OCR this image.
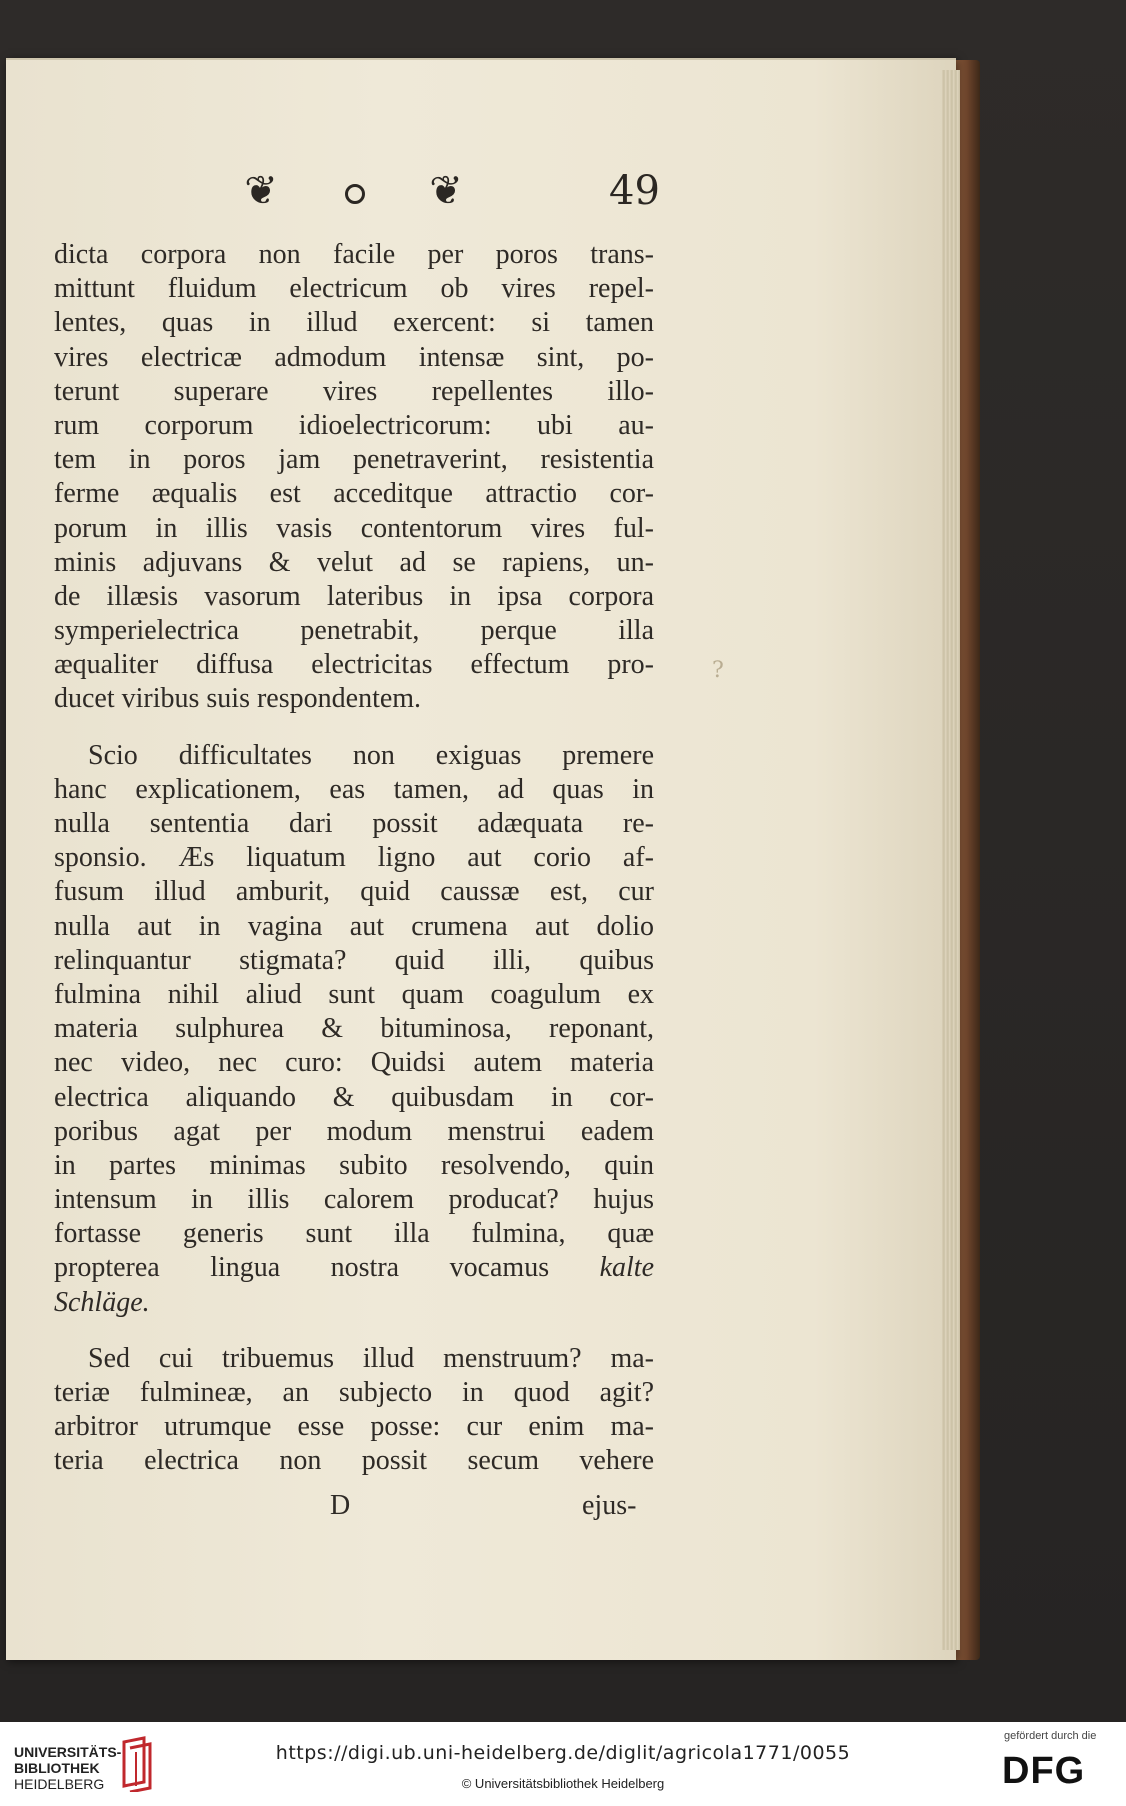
❦	❦	49
dicta corpora non facile per poros trans-
mittunt fluidum electricum ob vires repel-
lentes, quas in illud exercent: si tamen
vires electricæ admodum intensæ sint, po-
terunt superare vires repellentes illo-
rum corporum idioelectricorum: ubi au-
tem in poros jam penetraverint, resistentia
ferme æqualis est acceditque attractio cor-
porum in illis vasis contentorum vires ful-
minis adjuvans & velut ad se rapiens, un-
de illæsis vasorum lateribus in ipsa corpora
symperielectrica penetrabit, perque illa
æqualiter diffusa electricitas effectum pro-
ducet viribus suis respondentem.
Scio difficultates non exiguas premere
hanc explicationem, eas tamen, ad quas in
nulla sententia dari possit adæquata re-
sponsio. Æs liquatum ligno aut corio af-
fusum illud amburit, quid caussæ est, cur
nulla aut in vagina aut crumena aut dolio
relinquantur stigmata? quid illi, quibus
fulmina nihil aliud sunt quam coagulum ex
materia sulphurea & bituminosa, reponant,
nec video, nec curo: Quidsi autem materia
electrica aliquando & quibusdam in cor-
poribus agat per modum menstrui eadem
in partes minimas subito resolvendo, quin
intensum in illis calorem producat? hujus
fortasse generis sunt illa fulmina, quæ
propterea lingua nostra vocamus kalte
Schläge.
Sed cui tribuemus illud menstruum? ma-
teriæ fulmineæ, an subjecto in quod agit?
arbitror utrumque esse posse: cur enim ma-
teria electrica non possit secum vehere
D	ejus-
?
UNIVERSITÄTS-
BIBLIOTHEK
HEIDELBERG
https://digi.ub.uni-heidelberg.de/diglit/agricola1771/0055
© Universitätsbibliothek Heidelberg
gefördert durch die
DFG
